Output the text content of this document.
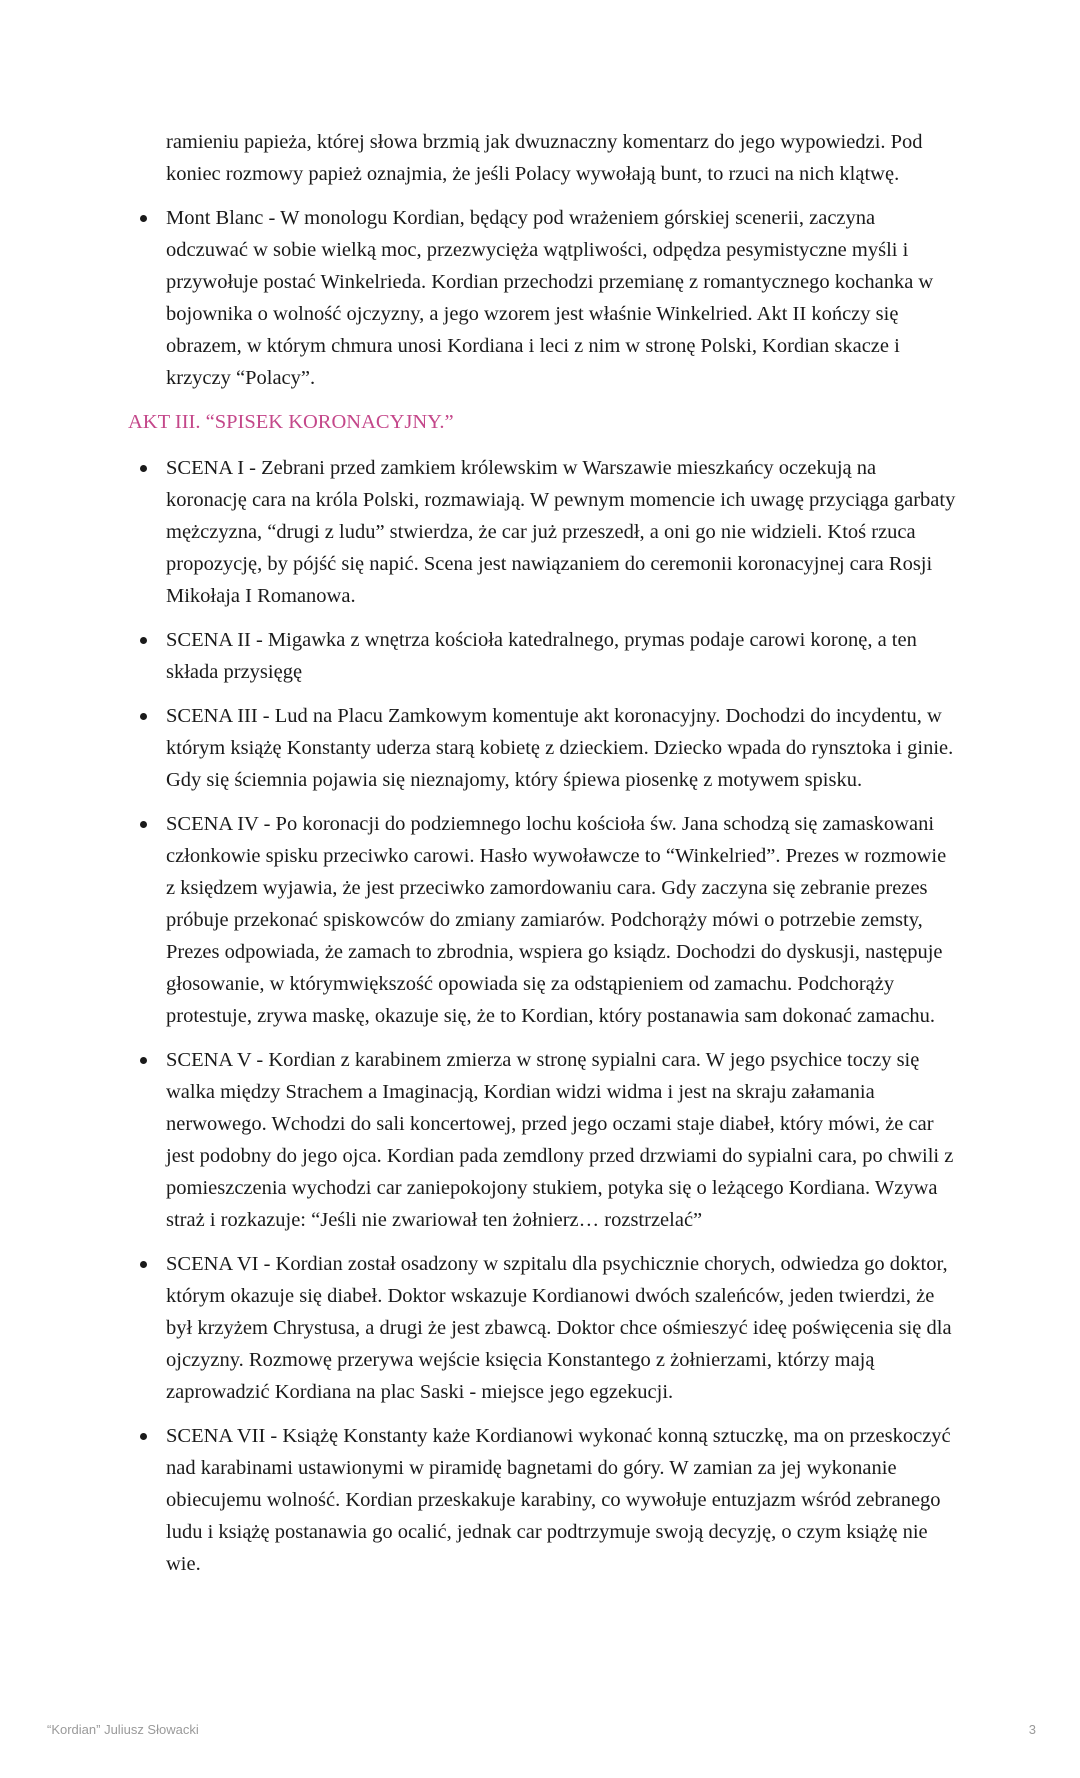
ramieniu papieża, której słowa brzmią jak dwuznaczny komentarz do jego wypowiedzi. Pod koniec rozmowy papież oznajmia, że jeśli Polacy wywołają bunt, to rzuci na nich klątwę.

Mont Blanc - W monologu Kordian, będący pod wrażeniem górskiej scenerii, zaczyna odczuwać w sobie wielką moc, przezwycięża wątpliwości, odpędza pesymistyczne myśli i przywołuje postać Winkelrieda. Kordian przechodzi przemianę z romantycznego kochanka w bojownika o wolność ojczyzny, a jego wzorem jest właśnie Winkelried. Akt II kończy się obrazem, w którym chmura unosi Kordiana i leci z nim w stronę Polski, Kordian skacze i krzyczy “Polacy”.
AKT III. “SPISEK KORONACYJNY.”
SCENA I - Zebrani przed zamkiem królewskim w Warszawie mieszkańcy oczekują na koronację cara na króla Polski, rozmawiają. W pewnym momencie ich uwagę przyciąga garbaty mężczyzna, “drugi z ludu” stwierdza, że car już przeszedł, a oni go nie widzieli. Ktoś rzuca propozycję, by pójść się napić. Scena jest nawiązaniem do ceremonii koronacyjnej cara Rosji Mikołaja I Romanowa.
SCENA II - Migawka z wnętrza kościoła katedralnego, prymas podaje carowi koronę, a ten składa przysięgę
SCENA III - Lud na Placu Zamkowym komentuje akt koronacyjny. Dochodzi do incydentu, w którym książę Konstanty uderza starą kobietę z dzieckiem. Dziecko wpada do rynsztoka i ginie. Gdy się ściemnia pojawia się nieznajomy, który śpiewa piosenkę z motywem spisku.
SCENA IV - Po koronacji do podziemnego lochu kościoła św. Jana schodzą się zamaskowani członkowie spisku przeciwko carowi. Hasło wywoławcze to “Winkelried”. Prezes w rozmowie z księdzem wyjawia, że jest przeciwko zamordowaniu cara. Gdy zaczyna się zebranie prezes próbuje przekonać spiskowców do zmiany zamiarów. Podchorąży mówi o potrzebie zemsty, Prezes odpowiada, że zamach to zbrodnia, wspiera go ksiądz. Dochodzi do dyskusji, następuje głosowanie, w którymwiększość opowiada się za odstąpieniem od zamachu. Podchorąży protestuje, zrywa maskę, okazuje się, że to Kordian, który postanawia sam dokonać zamachu.
SCENA V - Kordian z karabinem zmierza w stronę sypialni cara. W jego psychice toczy się walka między Strachem a Imaginacją, Kordian widzi widma i jest na skraju załamania nerwowego. Wchodzi do sali koncertowej, przed jego oczami staje diabeł, który mówi, że car jest podobny do jego ojca. Kordian pada zemdlony przed drzwiami do sypialni cara, po chwili z pomieszczenia wychodzi car zaniepokojony stukiem, potyka się o leżącego Kordiana. Wzywa straż i rozkazuje: “Jeśli nie zwariował ten żołnierz… rozstrzelać”
SCENA VI - Kordian został osadzony w szpitalu dla psychicznie chorych, odwiedza go doktor, którym okazuje się diabeł. Doktor wskazuje Kordianowi dwóch szaleńców, jeden twierdzi, że był krzyżem Chrystusa, a drugi że jest zbawcą. Doktor chce ośmieszyć ideę poświęcenia się dla ojczyzny. Rozmowę przerywa wejście księcia Konstantego z żołnierzami, którzy mają zaprowadzić Kordiana na plac Saski - miejsce jego egzekucji.
SCENA VII - Książę Konstanty każe Kordianowi wykonać konną sztuczkę, ma on przeskoczyć nad karabinami ustawionymi w piramidę bagnetami do góry. W zamian za jej wykonanie obiecujemu wolność. Kordian przeskakuje karabiny, co wywołuje entuzjazm wśród zebranego ludu i książę postanawia go ocalić, jednak car podtrzymuje swoją decyzję, o czym książę nie wie.
“Kordian” Juliusz Słowacki	3
